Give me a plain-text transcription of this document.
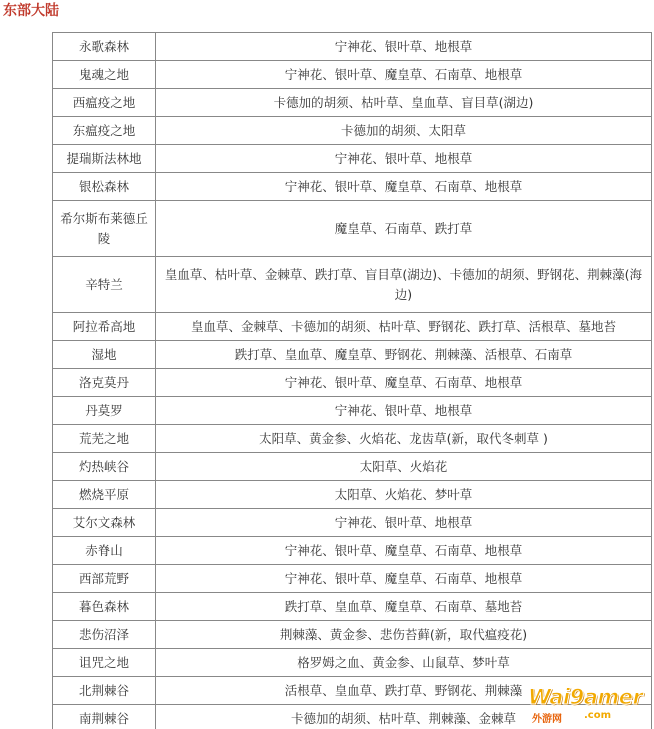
东部大陆
永歌森林	宁神花、银叶草、地根草
鬼魂之地	宁神花、银叶草、魔皇草、石南草、地根草
西瘟疫之地	卡德加的胡须、枯叶草、皇血草、盲目草(湖边)
东瘟疫之地	卡德加的胡须、太阳草
提瑞斯法林地	宁神花、银叶草、地根草
银松森林	宁神花、银叶草、魔皇草、石南草、地根草
希尔斯布莱德丘陵	魔皇草、石南草、跌打草
辛特兰	皇血草、枯叶草、金棘草、跌打草、盲目草(湖边)、卡德加的胡须、野钢花、荆棘藻(海边)
阿拉希高地	皇血草、金棘草、卡德加的胡须、枯叶草、野钢花、跌打草、活根草、墓地苔
湿地	跌打草、皇血草、魔皇草、野钢花、荆棘藻、活根草、石南草
洛克莫丹	宁神花、银叶草、魔皇草、石南草、地根草
丹莫罗	宁神花、银叶草、地根草
荒芜之地	太阳草、黄金参、火焰花、龙齿草(新，取代冬刺草 )
灼热峡谷	太阳草、火焰花
燃烧平原	太阳草、火焰花、梦叶草
艾尔文森林	宁神花、银叶草、地根草
赤脊山	宁神花、银叶草、魔皇草、石南草、地根草
西部荒野	宁神花、银叶草、魔皇草、石南草、地根草
暮色森林	跌打草、皇血草、魔皇草、石南草、墓地苔
悲伤沼泽	荆棘藻、黄金参、悲伤苔藓(新，取代瘟疫花)
诅咒之地	格罗姆之血、黄金参、山鼠草、梦叶草
北荆棘谷	活根草、皇血草、跌打草、野钢花、荆棘藻
南荆棘谷	卡德加的胡须、枯叶草、荆棘藻、金棘草
Wai9amer
外游网 .com
